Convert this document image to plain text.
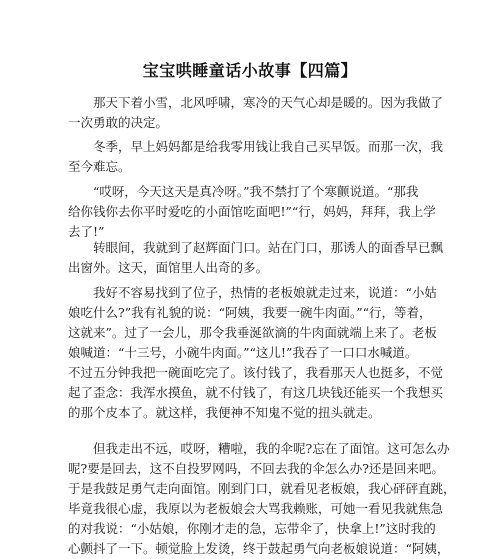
宝宝哄睡童话小故事【四篇】
那天下着小雪，北风呼啸，寒冷的天气心却是暖的。因为我做了
一次勇敢的决定。
冬季，早上妈妈都是给我零用钱让我自己买早饭。而那一次，我
至今难忘。
“哎呀，今天这天是真冷呀。”我不禁打了个寒颤说道。“那我
给你钱你去你平时爱吃的小面馆吃面吧!”“行，妈妈，拜拜，我上学
去了!”
转眼间，我就到了赵辉面门口。站在门口，那诱人的面香早已飘
出窗外。这天，面馆里人出奇的多。
我好不容易找到了位子，热情的老板娘就走过来，说道：“小姑
娘吃什么?”我有礼貌的说：“阿姨，我要一碗牛肉面。”“行，等着，
这就来”。过了一会儿，那令我垂涎欲滴的牛肉面就端上来了。老板
娘喊道：“十三号，小碗牛肉面。”“这儿!”我吞了一口口水喊道。
不过五分钟我把一碗面吃完了。该付钱了，我看那天人也挺多，不觉
起了歪念：我浑水摸鱼，就不付钱了，有这几块钱还能买一个我想买
的那个皮本了。就这样，我便神不知鬼不觉的扭头就走。
但我走出不远，哎呀，糟啦，我的伞呢?忘在了面馆。这可怎么办
呢?要是回去，这不自投罗网吗，不回去我的伞怎么办?还是回来吧。
于是我鼓足勇气走向面馆。刚到门口，就看见老板娘，我心砰砰直跳，
毕竟我很心虚，我原以为老板娘会大骂我赖账，可她一看见我就焦急
的对我说：“小姑娘，你刚才走的急，忘带伞了，快拿上!”这时我的
心颤抖了一下。顿觉脸上发烫，终于鼓起勇气向老板娘说道：“阿姨，
